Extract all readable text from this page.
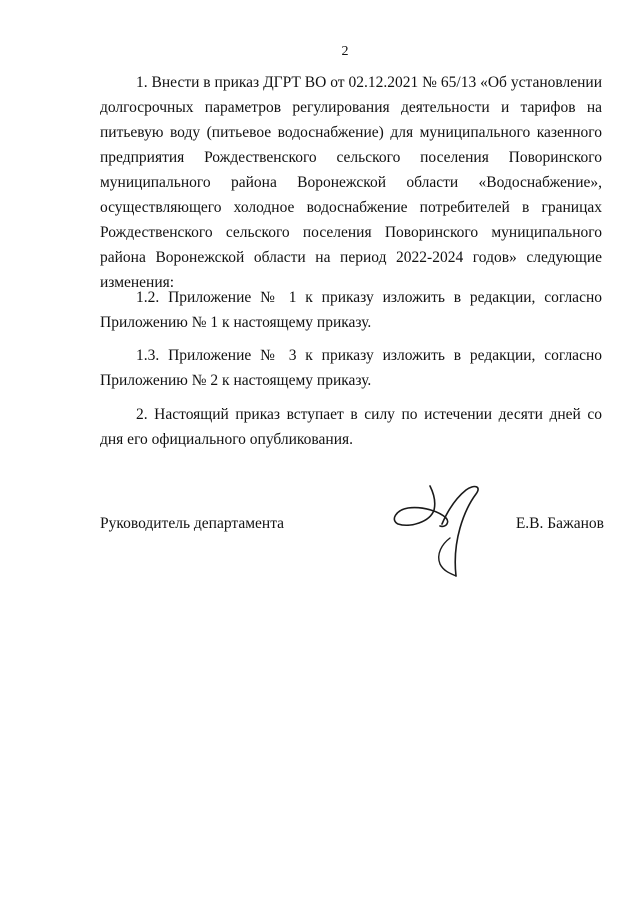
2

1. Внести в приказ ДГРТ ВО от 02.12.2021 № 65/13 «Об установлении долгосрочных параметров регулирования деятельности и тарифов на питьевую воду (питьевое водоснабжение) для муниципального казенного предприятия Рождественского сельского поселения Поворинского муниципального района Воронежской области «Водоснабжение», осуществляющего холодное водоснабжение потребителей в границах Рождественского сельского поселения Поворинского муниципального района Воронежской области на период 2022-2024 годов» следующие изменения:

1.2. Приложение № 1 к приказу изложить в редакции, согласно Приложению № 1 к настоящему приказу.

1.3. Приложение № 3 к приказу изложить в редакции, согласно Приложению № 2 к настоящему приказу.

2. Настоящий приказ вступает в силу по истечении десяти дней со дня его официального опубликования.

Руководитель департамента	Е.В. Бажанов
